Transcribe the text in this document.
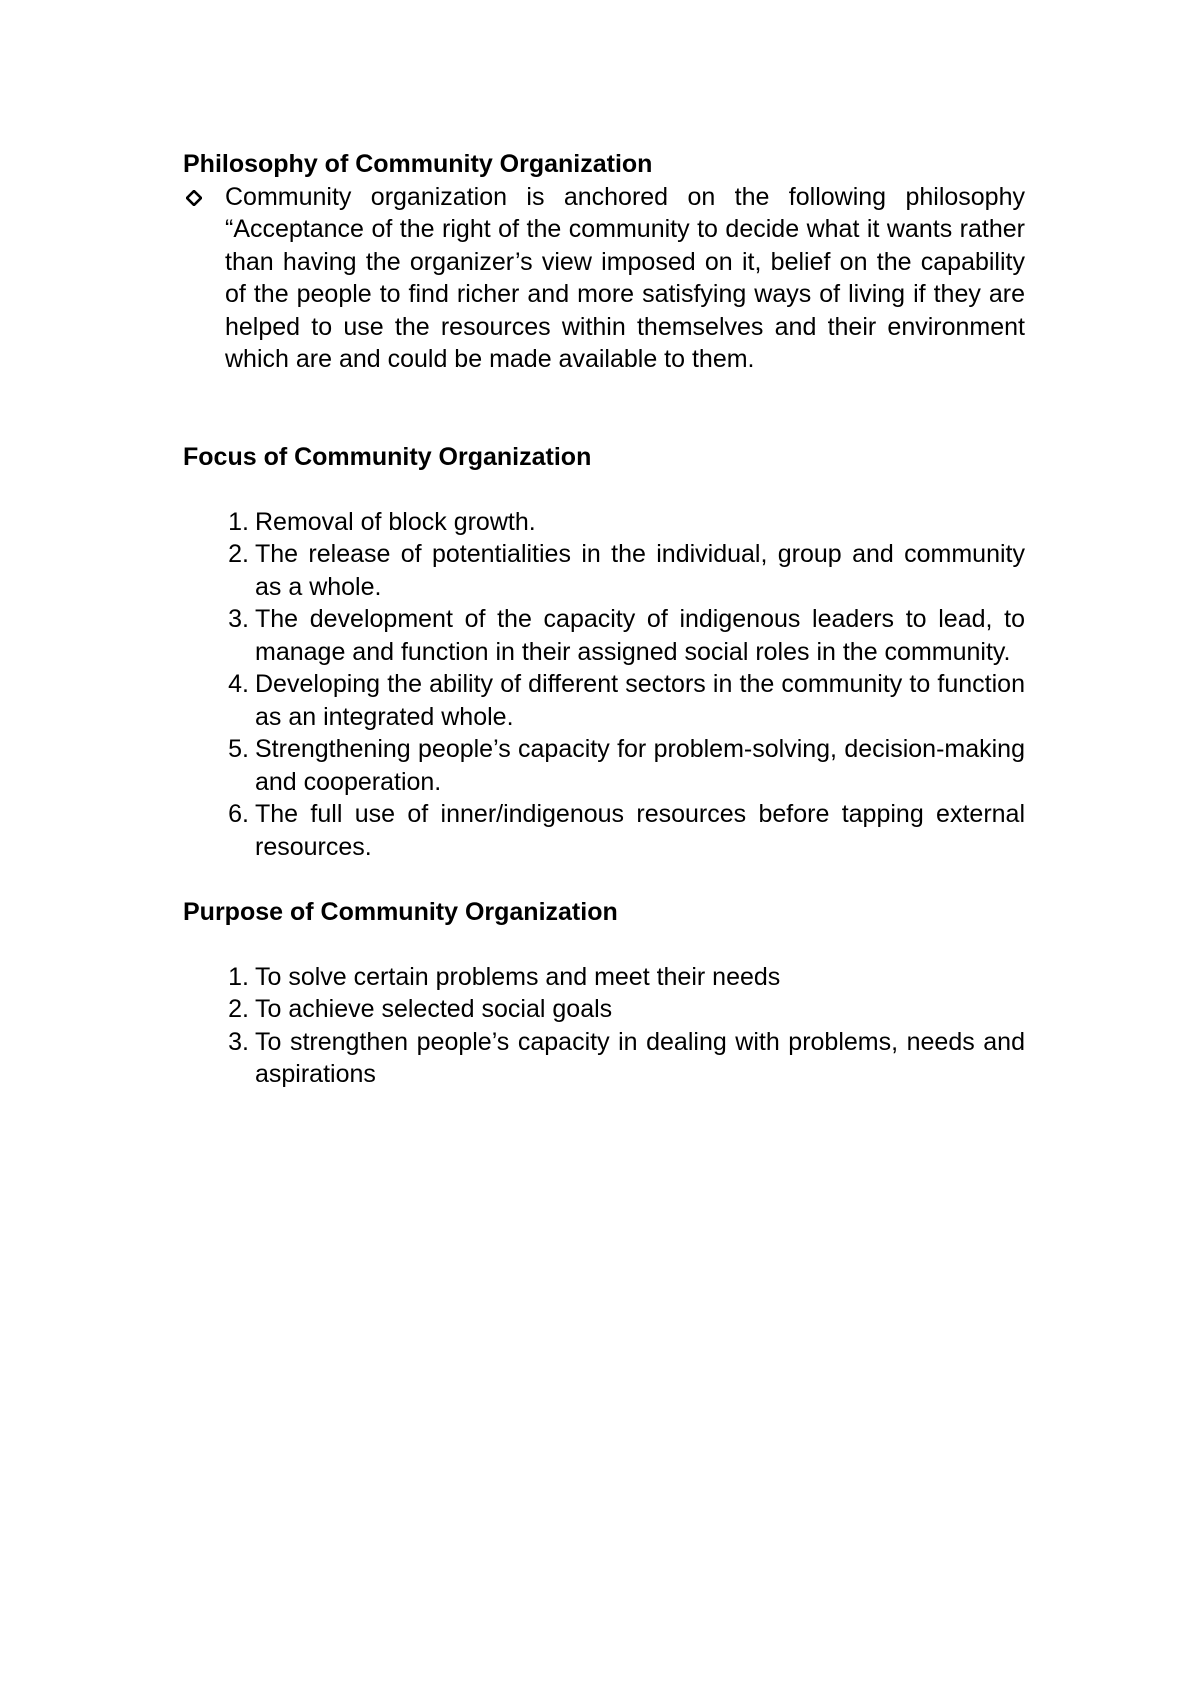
Philosophy of Community Organization

Community organization is anchored on the following philosophy “Acceptance of the right of the community to decide what it wants rather than having the organizer’s view imposed on it, belief on the capability of the people to find richer and more satisfying ways of living if they are helped to use the resources within themselves and their environment which are and could be made available to them.

Focus of Community Organization

1. Removal of block growth.
2. The release of potentialities in the individual, group and community as a whole.
3. The development of the capacity of indigenous leaders to lead, to manage and function in their assigned social roles in the community.
4. Developing the ability of different sectors in the community to function as an integrated whole.
5. Strengthening people’s capacity for problem-solving, decision-making and cooperation.
6. The full use of inner/indigenous resources before tapping external resources.

Purpose of Community Organization

1. To solve certain problems and meet their needs
2. To achieve selected social goals
3. To strengthen people’s capacity in dealing with problems, needs and aspirations
